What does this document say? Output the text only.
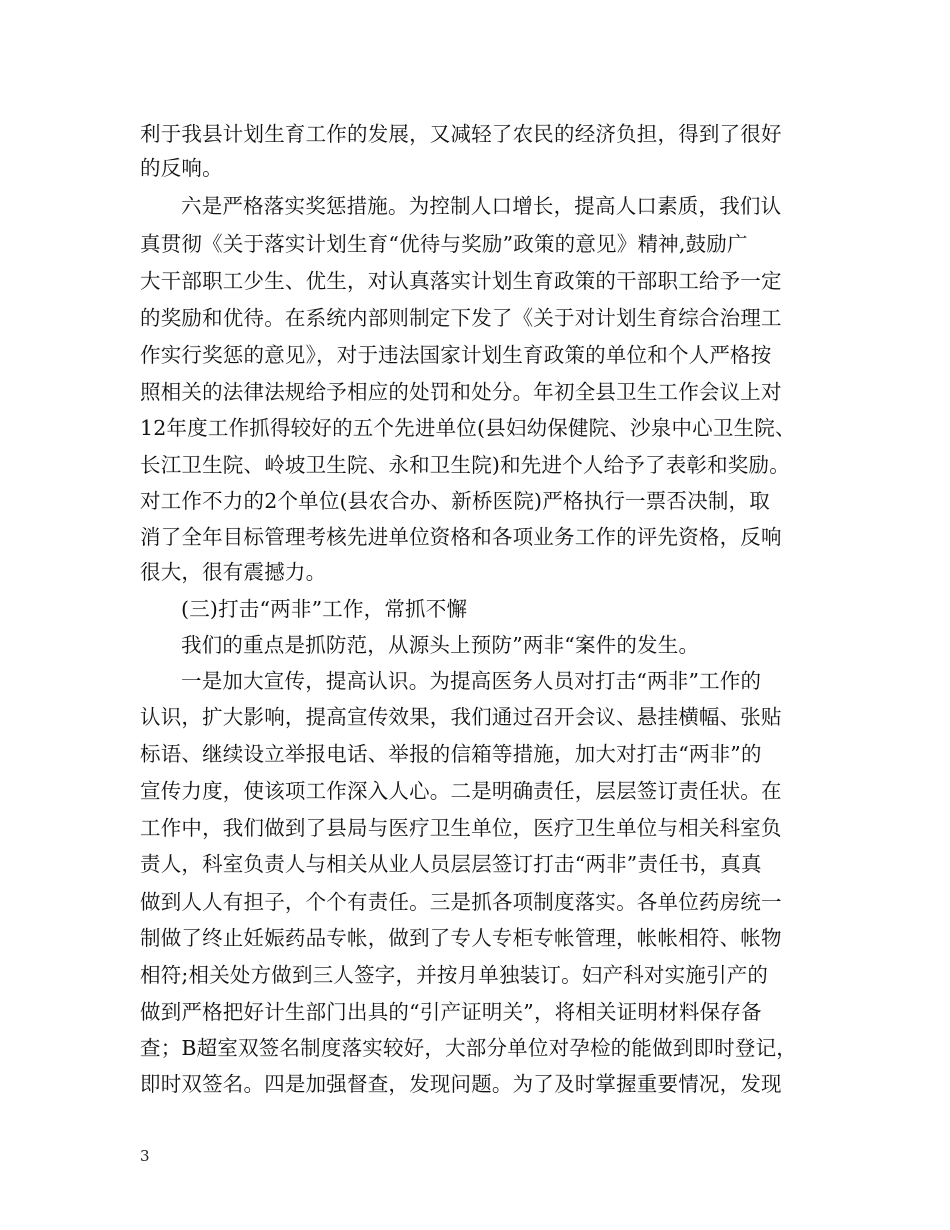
利于我县计划生育工作的发展，又减轻了农民的经济负担，得到了很好
的反响。
六是严格落实奖惩措施。为控制人口增长，提高人口素质，我们认
真贯彻《关于落实计划生育“优待与奖励”政策的意见》精神,鼓励广
大干部职工少生、优生，对认真落实计划生育政策的干部职工给予一定
的奖励和优待。在系统内部则制定下发了《关于对计划生育综合治理工
作实行奖惩的意见》，对于违法国家计划生育政策的单位和个人严格按
照相关的法律法规给予相应的处罚和处分。年初全县卫生工作会议上对
12年度工作抓得较好的五个先进单位(县妇幼保健院、沙泉中心卫生院、
长江卫生院、岭坡卫生院、永和卫生院)和先进个人给予了表彰和奖励。
对工作不力的2个单位(县农合办、新桥医院)严格执行一票否决制，取
消了全年目标管理考核先进单位资格和各项业务工作的评先资格，反响
很大，很有震撼力。
(三)打击“两非”工作，常抓不懈
我们的重点是抓防范，从源头上预防”两非“案件的发生。
一是加大宣传，提高认识。为提高医务人员对打击“两非”工作的
认识，扩大影响，提高宣传效果，我们通过召开会议、悬挂横幅、张贴
标语、继续设立举报电话、举报的信箱等措施，加大对打击“两非”的
宣传力度，使该项工作深入人心。二是明确责任，层层签订责任状。在
工作中，我们做到了县局与医疗卫生单位，医疗卫生单位与相关科室负
责人，科室负责人与相关从业人员层层签订打击“两非”责任书，真真
做到人人有担子，个个有责任。三是抓各项制度落实。各单位药房统一
制做了终止妊娠药品专帐，做到了专人专柜专帐管理，帐帐相符、帐物
相符;相关处方做到三人签字，并按月单独装订。妇产科对实施引产的
做到严格把好计生部门出具的“引产证明关”，将相关证明材料保存备
查；B超室双签名制度落实较好，大部分单位对孕检的能做到即时登记，
即时双签名。四是加强督查，发现问题。为了及时掌握重要情况，发现
3
